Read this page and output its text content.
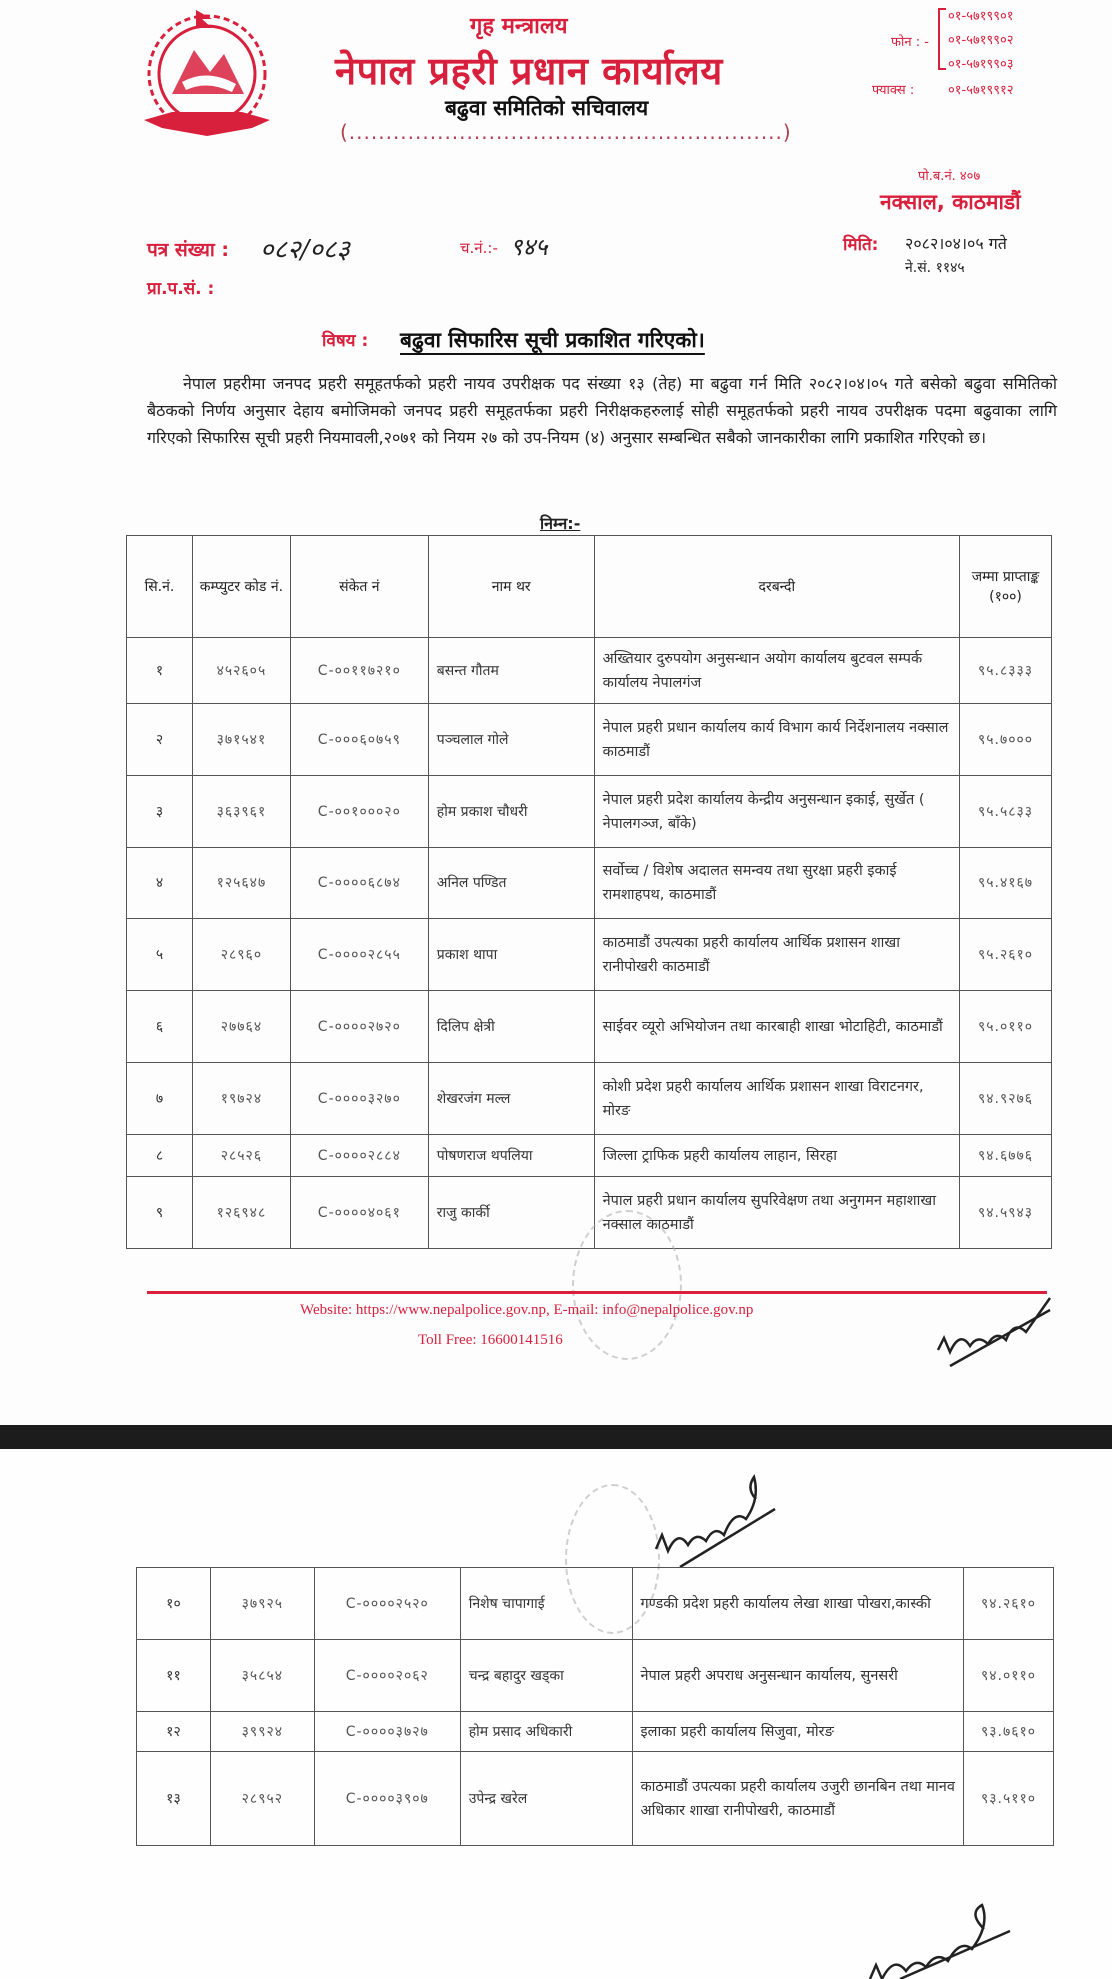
गृह मन्त्रालय
नेपाल प्रहरी प्रधान कार्यालय
बढुवा समितिको सचिवालय
(...........................................................)
फोन : -
०१-५७१९९०१
०१-५७१९९०२
०१-५७१९९०३
फ्याक्स :	०१-५७१९९१२
पो.ब.नं. ४०७
नक्साल, काठमाडौं
पत्र संख्या : ०८२/०८३	च.नं.:- ९४५	मिति: २०८२।०४।०५ गते
ने.सं. ११४५
प्रा.प.सं. :
विषय : बढुवा सिफारिस सूची प्रकाशित गरिएको।

नेपाल प्रहरीमा जनपद प्रहरी समूहतर्फको प्रहरी नायव उपरीक्षक पद संख्या १३ (तेह) मा बढुवा गर्न मिति २०८२।०४।०५ गते बसेको बढुवा समितिको बैठकको निर्णय अनुसार देहाय बमोजिमको जनपद प्रहरी समूहतर्फका प्रहरी निरीक्षकहरुलाई सोही समूहतर्फको प्रहरी नायव उपरीक्षक पदमा बढुवाका लागि गरिएको सिफारिस सूची प्रहरी नियमावली,२०७१ को नियम २७ को उप-नियम (४) अनुसार सम्बन्धित सबैको जानकारीका लागि प्रकाशित गरिएको छ।

निम्न:-
सि.नं.	कम्प्युटर कोड नं.	संकेत नं	नाम थर	दरबन्दी	जम्मा प्राप्ताङ्क (१००)
१	४५२६०५	C-००११७२१०	बसन्त गौतम	अख्तियार दुरुपयोग अनुसन्धान अयोग कार्यालय बुटवल सम्पर्क कार्यालय नेपालगंज	९५.८३३३
२	३७१५४१	C-०००६०७५९	पञ्चलाल गोले	नेपाल प्रहरी प्रधान कार्यालय कार्य विभाग कार्य निर्देशनालय नक्साल काठमाडौं	९५.७०००
३	३६३९६१	C-००१०००२०	होम प्रकाश चौधरी	नेपाल प्रहरी प्रदेश कार्यालय केन्द्रीय अनुसन्धान इकाई, सुर्खेत ( नेपालगञ्ज, बाँके)	९५.५८३३
४	१२५६४७	C-००००६८७४	अनिल पण्डित	सर्वोच्च / विशेष अदालत समन्वय तथा सुरक्षा प्रहरी इकाई रामशाहपथ, काठमाडौं	९५.४१६७
५	२८९६०	C-००००२८५५	प्रकाश थापा	काठमाडौं उपत्यका प्रहरी कार्यालय आर्थिक प्रशासन शाखा रानीपोखरी काठमाडौं	९५.२६१०
६	२७७६४	C-००००२७२०	दिलिप क्षेत्री	साईवर व्यूरो अभियोजन तथा कारबाही शाखा भोटाहिटी, काठमाडौं	९५.०११०
७	१९७२४	C-००००३२७०	शेखरजंग मल्ल	कोशी प्रदेश प्रहरी कार्यालय आर्थिक प्रशासन शाखा विराटनगर, मोरङ	९४.९२७६
८	२८५२६	C-००००२८८४	पोषणराज थपलिया	जिल्ला ट्राफिक प्रहरी कार्यालय लाहान, सिरहा	९४.६७७६
९	१२६९४८	C-००००४०६१	राजु कार्की	नेपाल प्रहरी प्रधान कार्यालय सुपरिवेक्षण तथा अनुगमन महाशाखा नक्साल काठमाडौं	९४.५९४३
Website: https://www.nepalpolice.gov.np, E-mail: info@nepalpolice.gov.np
Toll Free: 16600141516
१०	३७९२५	C-००००२५२०	निशेष चापागाई	गण्डकी प्रदेश प्रहरी कार्यालय लेखा शाखा पोखरा,कास्की	९४.२६१०
११	३५८५४	C-००००२०६२	चन्द्र बहादुर खड्का	नेपाल प्रहरी अपराध अनुसन्धान कार्यालय, सुनसरी	९४.०११०
१२	३९९२४	C-००००३७२७	होम प्रसाद अधिकारी	इलाका प्रहरी कार्यालय सिजुवा, मोरङ	९३.७६१०
१३	२८९५२	C-००००३९०७	उपेन्द्र खरेल	काठमाडौं उपत्यका प्रहरी कार्यालय उजुरी छानबिन तथा मानव अधिकार शाखा रानीपोखरी, काठमाडौं	९३.५११०
